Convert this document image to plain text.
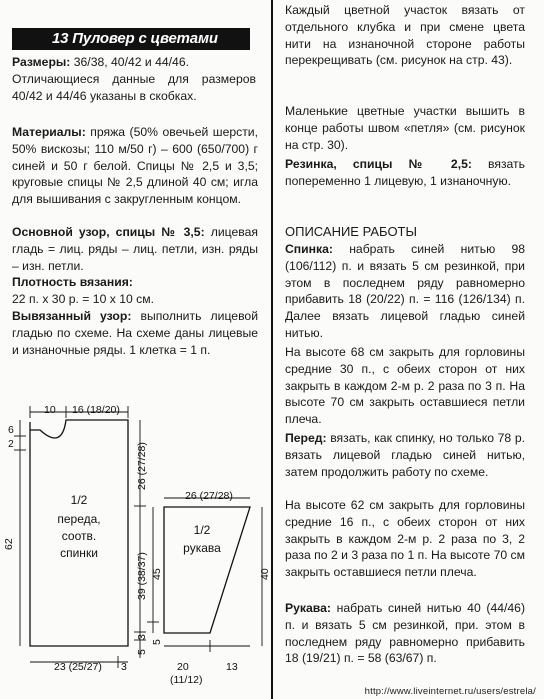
13 Пуловер с цветами

Размеры: 36/38, 40/42 и 44/46.
Отличающиеся данные для размеров 40/42 и 44/46 указаны в скобках.

Материалы: пряжа (50% овечьей шерсти, 50% вискозы; 110 м/50 г) – 600 (650/700) г синей и 50 г белой. Спицы № 2,5 и 3,5; круговые спицы № 2,5 длиной 40 см; игла для вышивания с закругленным концом.

Основной узор, спицы № 3,5: лицевая гладь = лиц. ряды – лиц. петли, изн. ряды – изн. петли.

Плотность вязания:
22 п. х 30 р. = 10 х 10 см.

Вывязанный узор: выполнить лицевой гладью по схеме. На схеме даны лицевые и изнаночные ряды. 1 клетка = 1 п.

10 16 (18/20)
6
2
62
26 (27/28)
39 (38/37)
3
5
23 (25/27) 3
26 (27/28)
45	40
5
20
(11/12)
13
1/2
переда,
соотв.
спинки
1/2
рукава

Каждый цветной участок вязать от отдельного клубка и при смене цвета нити на изнаночной стороне работы перекрещивать (см. рисунок на стр. 43).

Маленькие цветные участки вышить в конце работы швом «петля» (см. рисунок на стр. 30).

Резинка, спицы № 2,5: вязать попеременно 1 лицевую, 1 изнаночную.

ОПИСАНИЕ РАБОТЫ

Спинка: набрать синей нитью 98 (106/112) п. и вязать 5 см резинкой, при этом в последнем ряду равномерно прибавить 18 (20/22) п. = 116 (126/134) п. Далее вязать лицевой гладью синей нитью.

На высоте 68 см закрыть для горловины средние 30 п., с обеих сторон от них закрыть в каждом 2-м р. 2 раза по 3 п. На высоте 70 см закрыть оставшиеся петли плеча.

Перед: вязать, как спинку, но только 78 р. вязать лицевой гладью синей нитью, затем продолжить работу по схеме.

На высоте 62 см закрыть для горловины средние 16 п., с обеих сторон от них закрыть в каждом 2-м р. 2 раза по 3, 2 раза по 2 и 3 раза по 1 п. На высоте 70 см закрыть оставшиеся петли плеча.

Рукава: набрать синей нитью 40 (44/46) п. и вязать 5 см резинкой, при. этом в последнем ряду равномерно прибавить 18 (19/21) п. = 58 (63/67) п.

http://www.liveinternet.ru/users/estrela/
